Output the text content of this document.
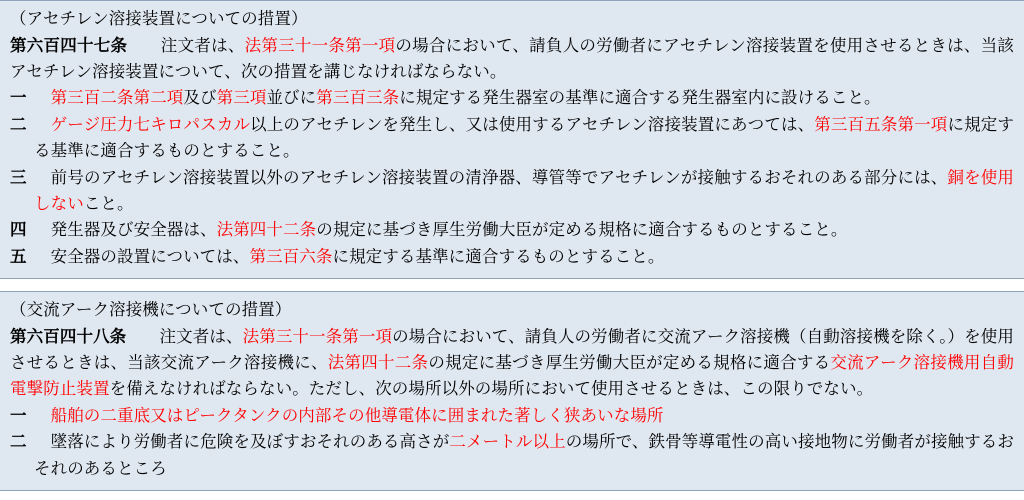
（アセチレン溶接装置についての措置）
第六百四十七条　　注文者は、法第三十一条第一項の場合において、請負人の労働者にアセチレン溶接装置を使用させるときは、当該アセチレン溶接装置について、次の措置を講じなければならない。
一
　	第三百二条第二項及び第三項並びに第三百三条に規定する発生器室の基準に適合する発生器室内に設けること。
二
　	ゲージ圧力七キロパスカル以上のアセチレンを発生し、又は使用するアセチレン溶接装置にあつては、第三百五条第一項に規定する基準に適合するものとすること。
三 　前号のアセチレン溶接装置以外のアセチレン溶接装置の清浄器、導管等でアセチレンが接触するおそれのある部分には、銅を使用しないこと。
四 　発生器及び安全器は、法第四十二条の規定に基づき厚生労働大臣が定める規格に適合するものとすること。
五 　安全器の設置については、第三百六条に規定する基準に適合するものとすること。
（交流アーク溶接機についての措置）
第六百四十八条　　注文者は、法第三十一条第一項の場合において、請負人の労働者に交流アーク溶接機（自動溶接機を除く。）を使用させるときは、当該交流アーク溶接機に、法第四十二条の規定に基づき厚生労働大臣が定める規格に適合する交流アーク溶接機用自動電撃防止装置を備えなければならない。ただし、次の場所以外の場所において使用させるときは、この限りでない。
一
　	船舶の二重底又はピークタンクの内部その他導電体に囲まれた著しく狭あいな場所
二 　墜落により労働者に危険を及ぼすおそれのある高さが二メートル以上の場所で、鉄骨等導電性の高い接地物に労働者が接触するおそれのあるところ
